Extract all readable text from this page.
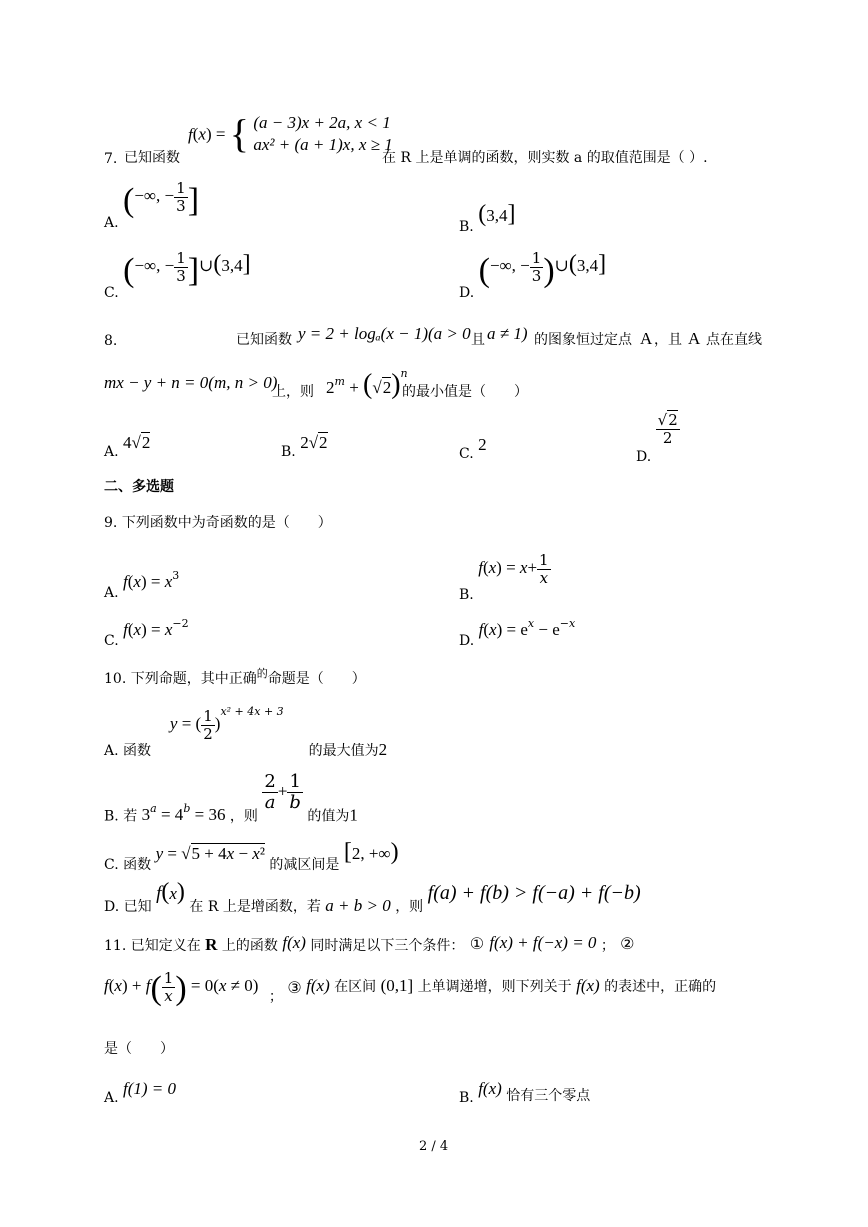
f(x) = { (a − 3)x + 2a, x < 1
ax² + (a + 1)x, x ≥ 1
7. 已知函数	在 R 上是单调的函数，则实数 a 的取值范围是（ ）.
A. (−∞, − $\frac{1}{3}$ ]
B. (3,4]
C. (−∞, − $\frac{1}{3}$ ]∪(3,4]
D. (−∞, − $\frac{1}{3}$ )∪(3,4]
8.	已知函数 y = 2 + logₐ(x − 1)(a > 0 且 a ≠ 1) 的图象恒过定点 A ，且 A 点在直线
mx − y + n = 0(m, n > 0)
上，则 $2^m + (√2)^n$
的最小值是（　　）
A. 4√2	B. 2√2
C. 2
D.
$\frac{√2}{2}$
二、多选题
9. 下列函数中为奇函数的是（　　）
A. $f(x) = x^3$
B. $f(x) = x+ \frac{1}{x}$
C. $f(x) = x^{-2}$
D. $f(x) = e^x - e^{-x}$
10. 下列命题，其中正确$^的$命题是（　　）
A. 函数  y = ( $\frac{1}{2} )^{x^2 + 4x + 3}$  的最大值为2
B. 若 $3^a = 4^b = 36$ ，则
$\frac{2}{a} + \frac{1}{b}$
的值为1
C. 函数 y = √5 + 4x − x² 的减区间是 [2, +∞)
D. 已知 f(x) 在 R 上是增函数，若 a + b > 0 ，则 f(a) + f(b) > f(−a) + f(−b)
11. 已知定义在 R 上的函数 f(x) 同时满足以下三个条件： ① f(x) + f(−x) = 0 ； ②
$f(x) + f( \frac{1}{x}$ ) = 0(x ≠ 0) ； ③ f(x) 在区间 (0,1] 上单调递增，则下列关于 f(x) 的表述中，正确的
是（　　）
A. f(1) = 0	B. f(x) 恰有三个零点
2 / 4
